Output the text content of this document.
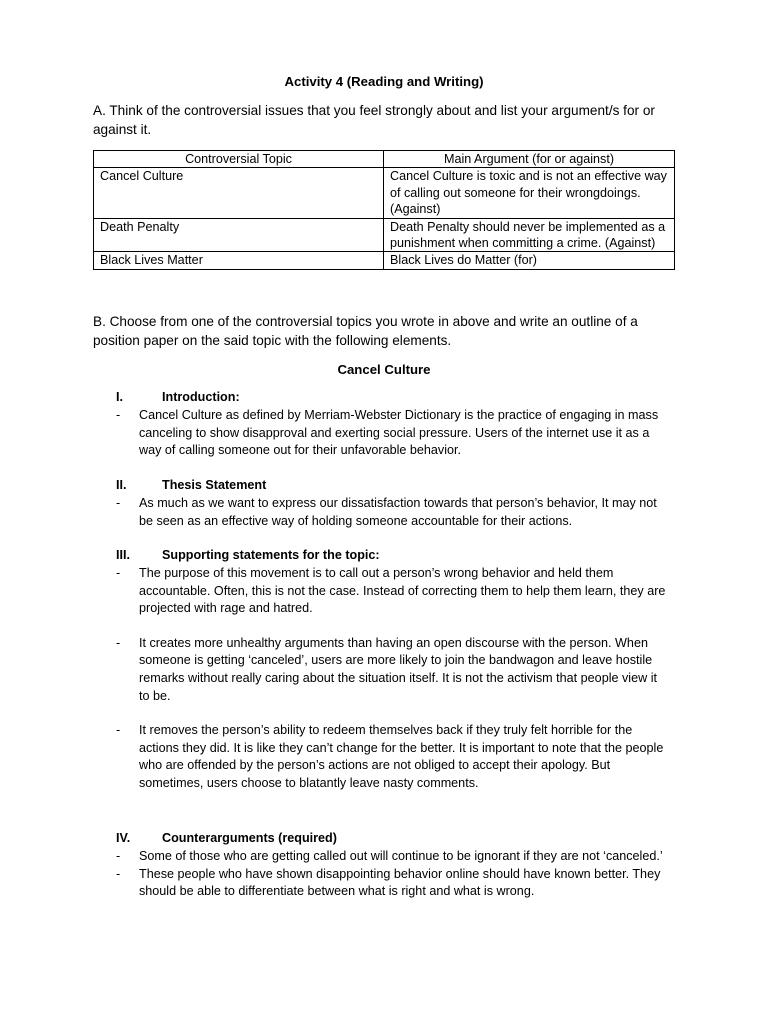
Activity 4 (Reading and Writing)
A. Think of the controversial issues that you feel strongly about and list your argument/s for or against it.
Controversial Topic	Main Argument (for or against)
Cancel Culture	Cancel Culture is toxic and is not an effective way of calling out someone for their wrongdoings. (Against)
Death Penalty	Death Penalty should never be implemented as a punishment when committing a crime. (Against)
Black Lives Matter	Black Lives do Matter (for)
B. Choose from one of the controversial topics you wrote in above and write an outline of a position paper on the said topic with the following elements.
Cancel Culture
I.	Introduction:
- Cancel Culture as defined by Merriam-Webster Dictionary is the practice of engaging in mass canceling to show disapproval and exerting social pressure. Users of the internet use it as a way of calling someone out for their unfavorable behavior.
II.	Thesis Statement
- As much as we want to express our dissatisfaction towards that person’s behavior, It may not be seen as an effective way of holding someone accountable for their actions.
III.	Supporting statements for the topic:
- The purpose of this movement is to call out a person’s wrong behavior and held them accountable. Often, this is not the case. Instead of correcting them to help them learn, they are projected with rage and hatred.
- It creates more unhealthy arguments than having an open discourse with the person. When someone is getting ‘canceled’, users are more likely to join the bandwagon and leave hostile remarks without really caring about the situation itself. It is not the activism that people view it to be.
- It removes the person’s ability to redeem themselves back if they truly felt horrible for the actions they did. It is like they can’t change for the better. It is important to note that the people who are offended by the person’s actions are not obliged to accept their apology. But sometimes, users choose to blatantly leave nasty comments.
IV.	Counterarguments (required)
- Some of those who are getting called out will continue to be ignorant if they are not ‘canceled.’
- These people who have shown disappointing behavior online should have known better. They should be able to differentiate between what is right and what is wrong.
